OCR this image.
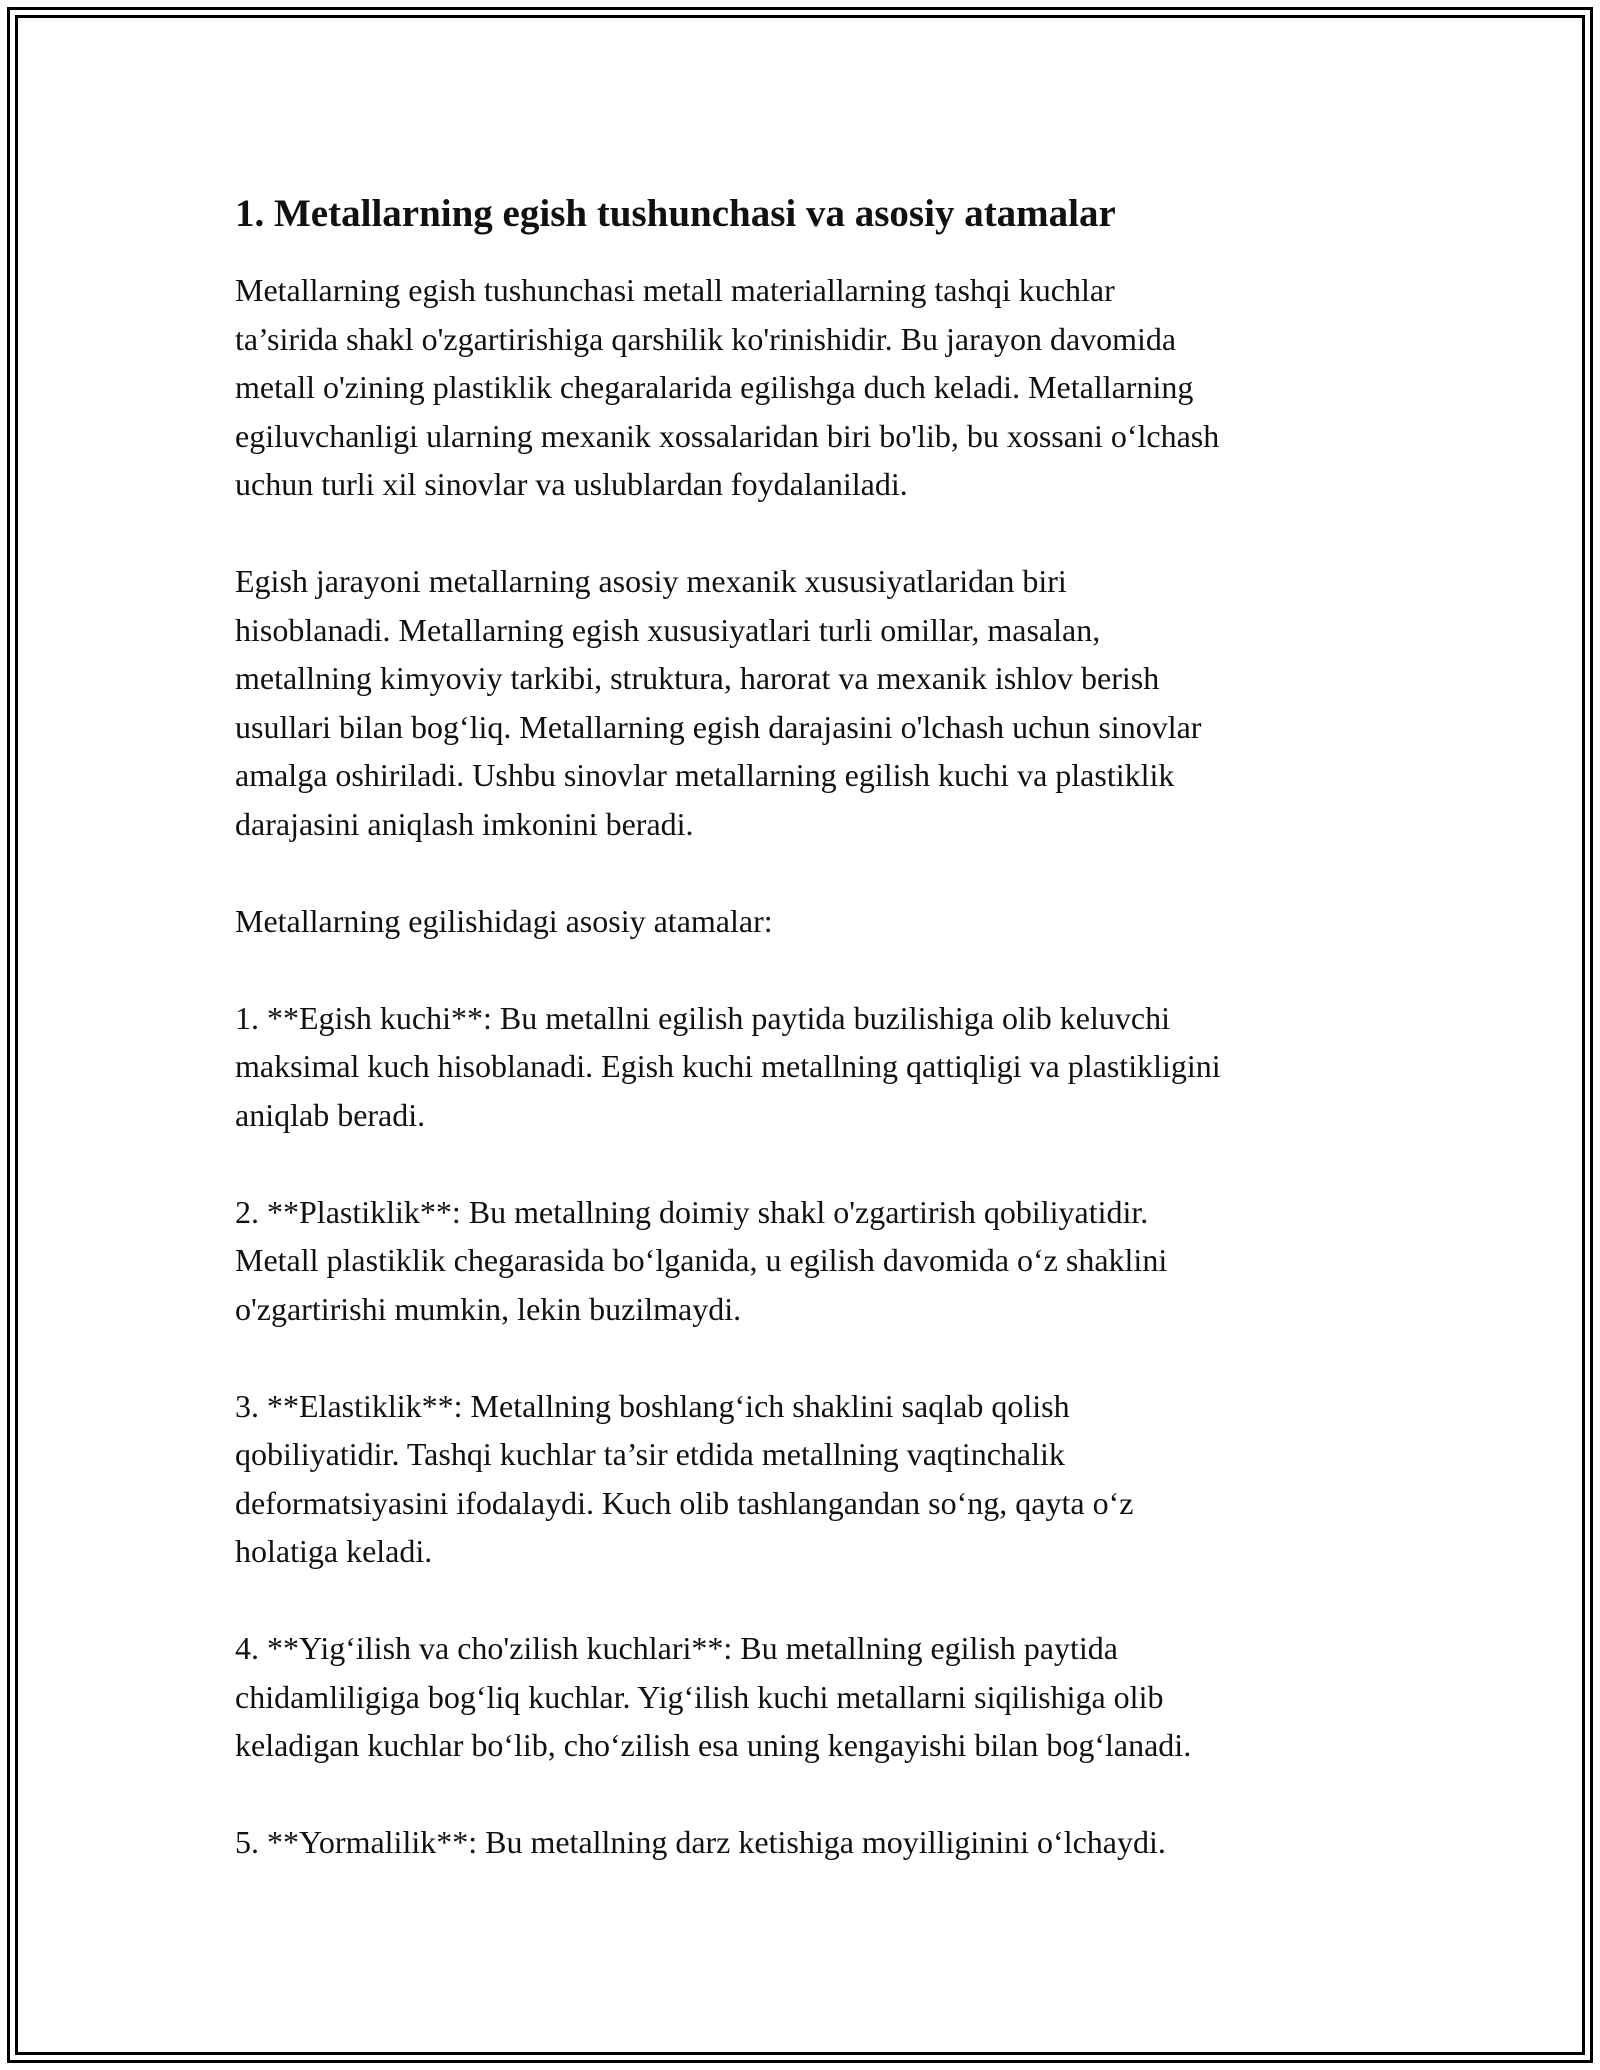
1. Metallarning egish tushunchasi va asosiy atamalar
Metallarning egish tushunchasi metall materiallarning tashqi kuchlar
ta’sirida shakl o'zgartirishiga qarshilik ko'rinishidir. Bu jarayon davomida
metall o'zining plastiklik chegaralarida egilishga duch keladi. Metallarning
egiluvchanligi ularning mexanik xossalaridan biri bo'lib, bu xossani o‘lchash
uchun turli xil sinovlar va uslublardan foydalaniladi.
Egish jarayoni metallarning asosiy mexanik xususiyatlaridan biri
hisoblanadi. Metallarning egish xususiyatlari turli omillar, masalan,
metallning kimyoviy tarkibi, struktura, harorat va mexanik ishlov berish
usullari bilan bog‘liq. Metallarning egish darajasini o'lchash uchun sinovlar
amalga oshiriladi. Ushbu sinovlar metallarning egilish kuchi va plastiklik
darajasini aniqlash imkonini beradi.
Metallarning egilishidagi asosiy atamalar:
1. **Egish kuchi**: Bu metallni egilish paytida buzilishiga olib keluvchi
maksimal kuch hisoblanadi. Egish kuchi metallning qattiqligi va plastikligini
aniqlab beradi.
2. **Plastiklik**: Bu metallning doimiy shakl o'zgartirish qobiliyatidir.
Metall plastiklik chegarasida bo‘lganida, u egilish davomida o‘z shaklini
o'zgartirishi mumkin, lekin buzilmaydi.
3. **Elastiklik**: Metallning boshlang‘ich shaklini saqlab qolish
qobiliyatidir. Tashqi kuchlar ta’sir etdida metallning vaqtinchalik
deformatsiyasini ifodalaydi. Kuch olib tashlangandan so‘ng, qayta o‘z
holatiga keladi.
4. **Yig‘ilish va cho'zilish kuchlari**: Bu metallning egilish paytida
chidamliligiga bog‘liq kuchlar. Yig‘ilish kuchi metallarni siqilishiga olib
keladigan kuchlar bo‘lib, cho‘zilish esa uning kengayishi bilan bog‘lanadi.
5. **Yormalilik**: Bu metallning darz ketishiga moyilliginini o‘lchaydi.
